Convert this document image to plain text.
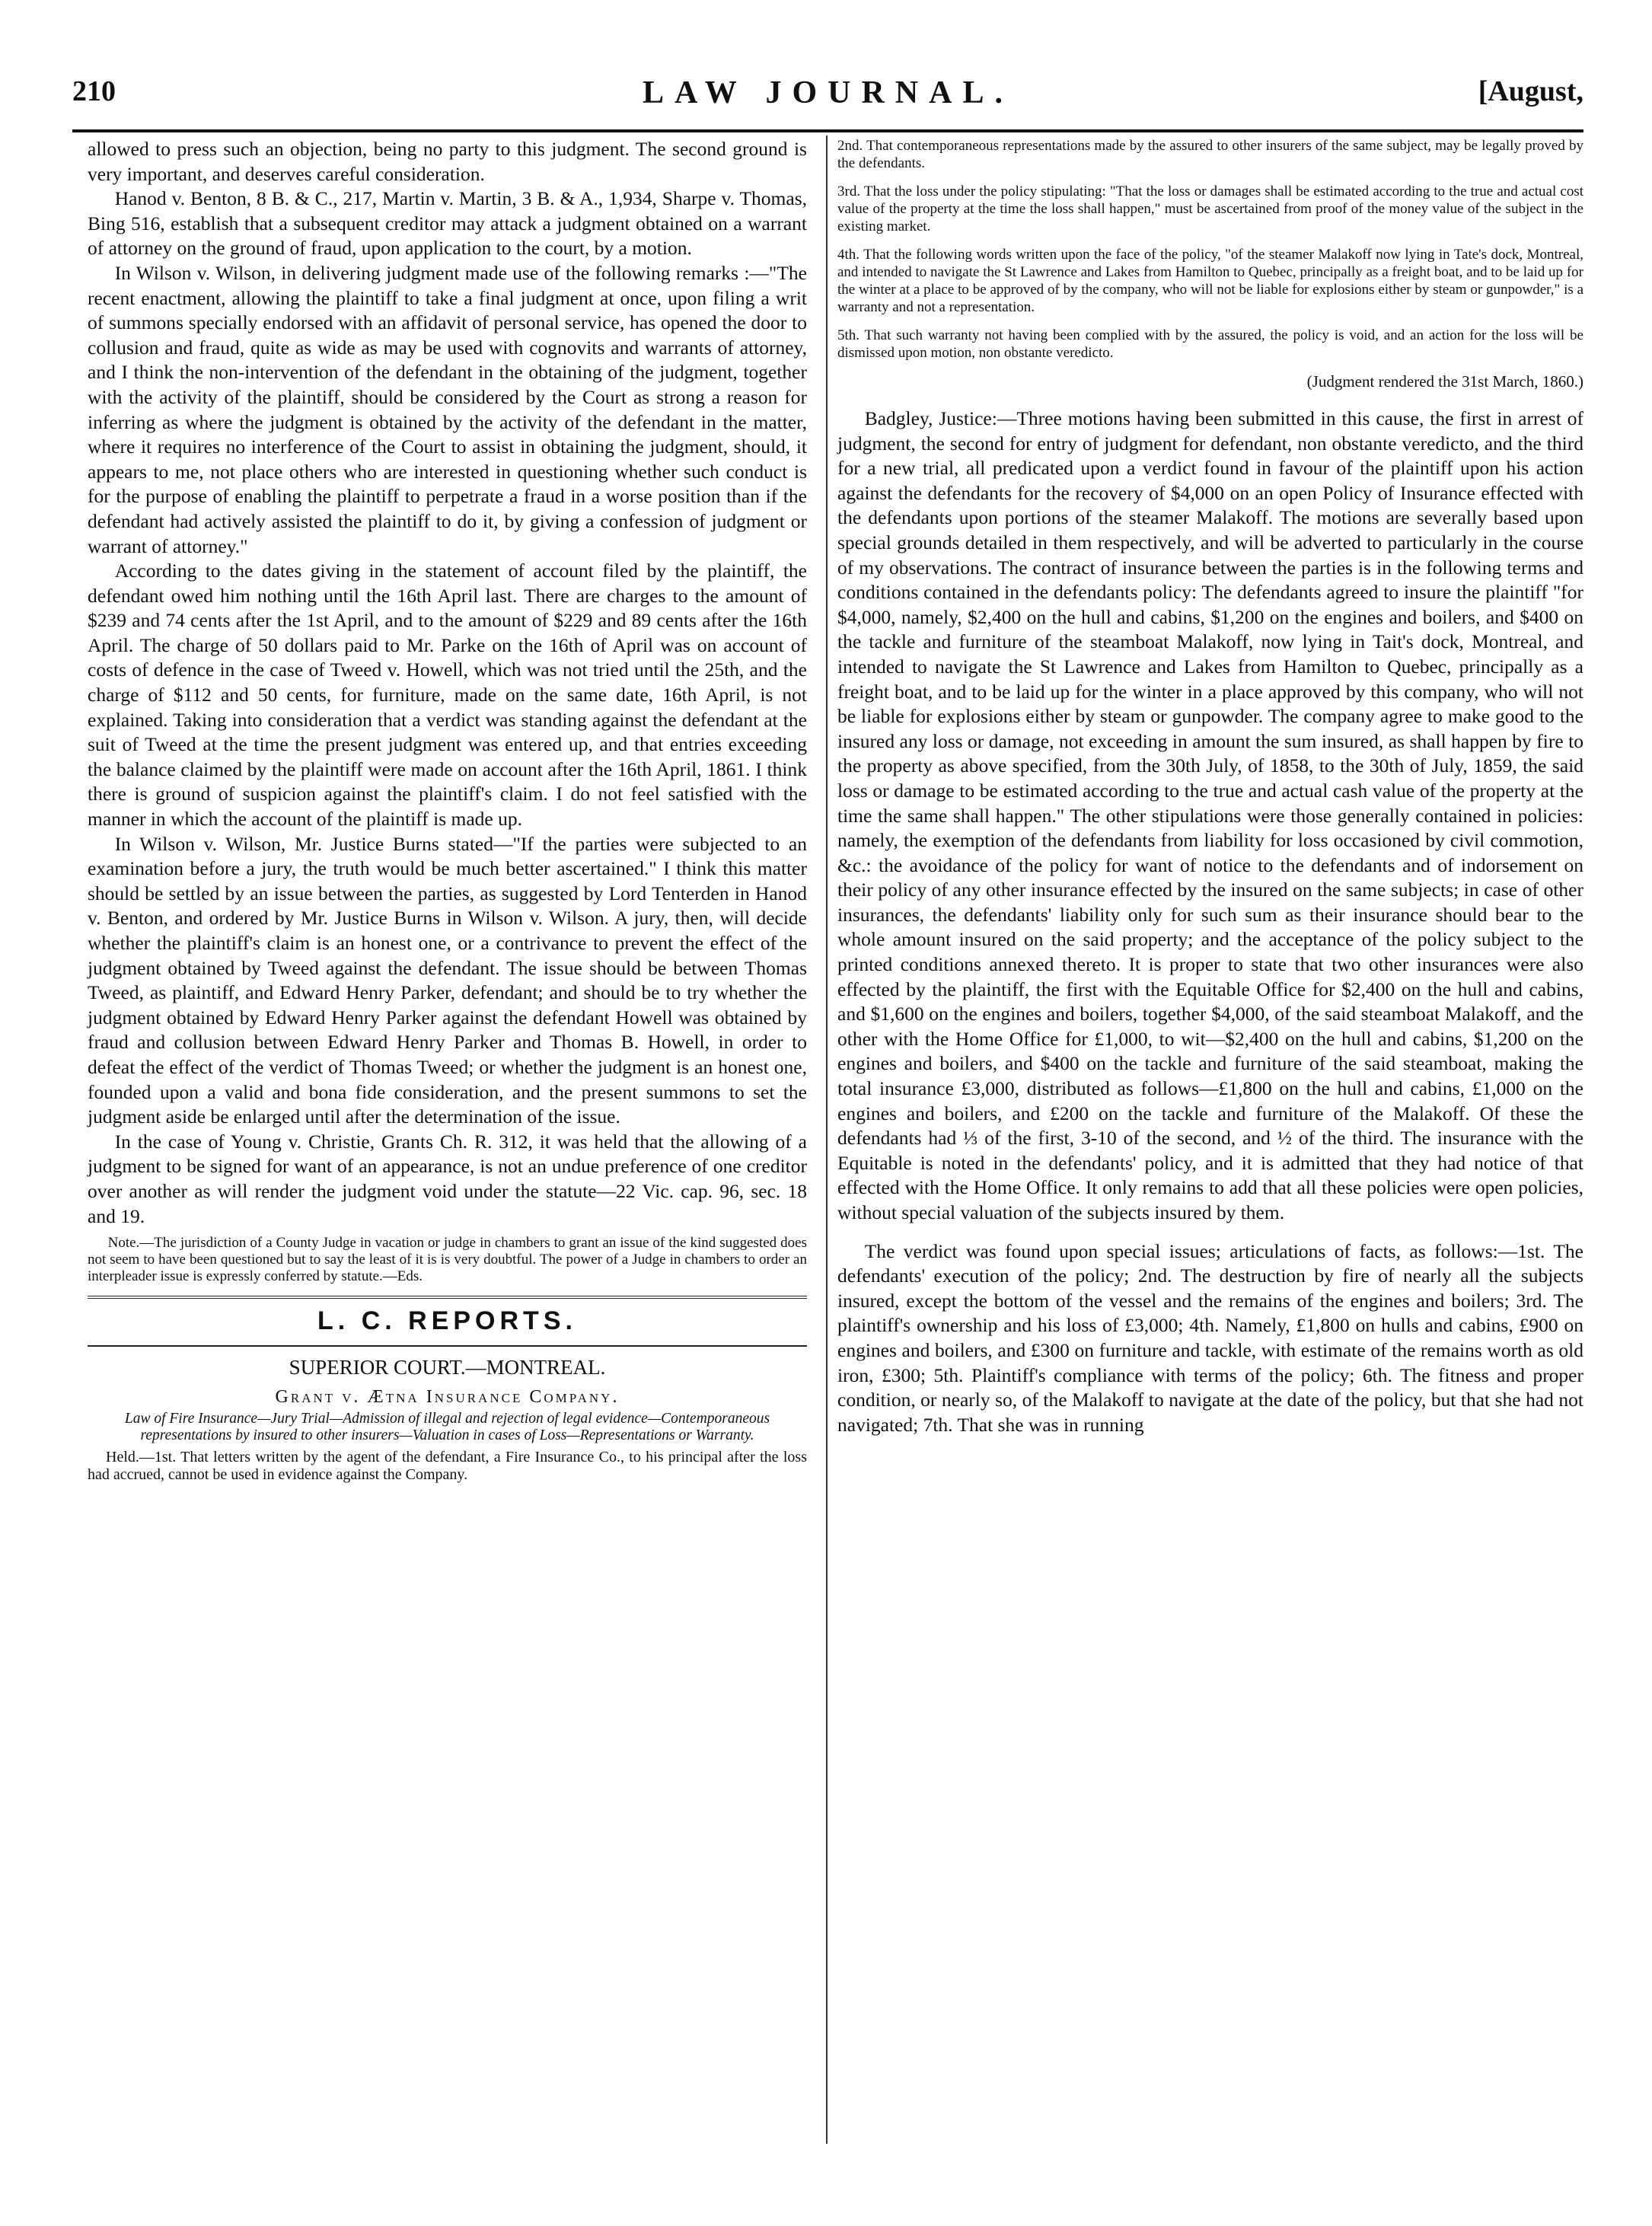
210	LAW JOURNAL.	[August,

allowed to press such an objection, being no party to this judgment. The second ground is very important, and deserves careful consideration.

Hanod v. Benton, 8 B. & C., 217, Martin v. Martin, 3 B. & A., 1,934, Sharpe v. Thomas, Bing 516, establish that a subsequent creditor may attack a judgment obtained on a warrant of attorney on the ground of fraud, upon application to the court, by a motion.

In Wilson v. Wilson, in delivering judgment made use of the following remarks :—"The recent enactment, allowing the plaintiff to take a final judgment at once, upon filing a writ of summons specially endorsed with an affidavit of personal service, has opened the door to collusion and fraud, quite as wide as may be used with cognovits and warrants of attorney, and I think the non-intervention of the defendant in the obtaining of the judgment, together with the activity of the plaintiff, should be considered by the Court as strong a reason for inferring as where the judgment is obtained by the activity of the defendant in the matter, where it requires no interference of the Court to assist in obtaining the judgment, should, it appears to me, not place others who are interested in questioning whether such conduct is for the purpose of enabling the plaintiff to perpetrate a fraud in a worse position than if the defendant had actively assisted the plaintiff to do it, by giving a confession of judgment or warrant of attorney."

According to the dates giving in the statement of account filed by the plaintiff, the defendant owed him nothing until the 16th April last. There are charges to the amount of $239 and 74 cents after the 1st April, and to the amount of $229 and 89 cents after the 16th April. The charge of 50 dollars paid to Mr. Parke on the 16th of April was on account of costs of defence in the case of Tweed v. Howell, which was not tried until the 25th, and the charge of $112 and 50 cents, for furniture, made on the same date, 16th April, is not explained. Taking into consideration that a verdict was standing against the defendant at the suit of Tweed at the time the present judgment was entered up, and that entries exceeding the balance claimed by the plaintiff were made on account after the 16th April, 1861. I think there is ground of suspicion against the plaintiff's claim. I do not feel satisfied with the manner in which the account of the plaintiff is made up.

In Wilson v. Wilson, Mr. Justice Burns stated—"If the parties were subjected to an examination before a jury, the truth would be much better ascertained." I think this matter should be settled by an issue between the parties, as suggested by Lord Tenterden in Hanod v. Benton, and ordered by Mr. Justice Burns in Wilson v. Wilson. A jury, then, will decide whether the plaintiff's claim is an honest one, or a contrivance to prevent the effect of the judgment obtained by Tweed against the defendant. The issue should be between Thomas Tweed, as plaintiff, and Edward Henry Parker, defendant; and should be to try whether the judgment obtained by Edward Henry Parker against the defendant Howell was obtained by fraud and collusion between Edward Henry Parker and Thomas B. Howell, in order to defeat the effect of the verdict of Thomas Tweed; or whether the judgment is an honest one, founded upon a valid and bona fide consideration, and the present summons to set the judgment aside be enlarged until after the determination of the issue.

In the case of Young v. Christie, Grants Ch. R. 312, it was held that the allowing of a judgment to be signed for want of an appearance, is not an undue preference of one creditor over another as will render the judgment void under the statute—22 Vic. cap. 96, sec. 18 and 19.

Note.—The jurisdiction of a County Judge in vacation or judge in chambers to grant an issue of the kind suggested does not seem to have been questioned but to say the least of it is is very doubtful. The power of a Judge in chambers to order an interpleader issue is expressly conferred by statute.—Eds.

L. C. REPORTS.
SUPERIOR COURT.—MONTREAL.
Grant v. Ætna Insurance Company.
Law of Fire Insurance—Jury Trial—Admission of illegal and rejection of legal evidence—Contemporaneous representations by insured to other insurers—Valuation in cases of Loss—Representations or Warranty.

Held.—1st. That letters written by the agent of the defendant, a Fire Insurance Co., to his principal after the loss had accrued, cannot be used in evidence against the Company.

2nd. That contemporaneous representations made by the assured to other insurers of the same subject, may be legally proved by the defendants.

3rd. That the loss under the policy stipulating: "That the loss or damages shall be estimated according to the true and actual cost value of the property at the time the loss shall happen," must be ascertained from proof of the money value of the subject in the existing market.

4th. That the following words written upon the face of the policy, "of the steamer Malakoff now lying in Tate's dock, Montreal, and intended to navigate the St Lawrence and Lakes from Hamilton to Quebec, principally as a freight boat, and to be laid up for the winter at a place to be approved of by the company, who will not be liable for explosions either by steam or gunpowder," is a warranty and not a representation.

5th. That such warranty not having been complied with by the assured, the policy is void, and an action for the loss will be dismissed upon motion, non obstante veredicto.

(Judgment rendered the 31st March, 1860.)

Badgley, Justice:—Three motions having been submitted in this cause, the first in arrest of judgment, the second for entry of judgment for defendant, non obstante veredicto, and the third for a new trial, all predicated upon a verdict found in favour of the plaintiff upon his action against the defendants for the recovery of $4,000 on an open Policy of Insurance effected with the defendants upon portions of the steamer Malakoff. The motions are severally based upon special grounds detailed in them respectively, and will be adverted to particularly in the course of my observations. The contract of insurance between the parties is in the following terms and conditions contained in the defendants policy: The defendants agreed to insure the plaintiff "for $4,000, namely, $2,400 on the hull and cabins, $1,200 on the engines and boilers, and $400 on the tackle and furniture of the steamboat Malakoff, now lying in Tait's dock, Montreal, and intended to navigate the St Lawrence and Lakes from Hamilton to Quebec, principally as a freight boat, and to be laid up for the winter in a place approved by this company, who will not be liable for explosions either by steam or gunpowder. The company agree to make good to the insured any loss or damage, not exceeding in amount the sum insured, as shall happen by fire to the property as above specified, from the 30th July, of 1858, to the 30th of July, 1859, the said loss or damage to be estimated according to the true and actual cash value of the property at the time the same shall happen." The other stipulations were those generally contained in policies: namely, the exemption of the defendants from liability for loss occasioned by civil commotion, &c.: the avoidance of the policy for want of notice to the defendants and of indorsement on their policy of any other insurance effected by the insured on the same subjects; in case of other insurances, the defendants' liability only for such sum as their insurance should bear to the whole amount insured on the said property; and the acceptance of the policy subject to the printed conditions annexed thereto. It is proper to state that two other insurances were also effected by the plaintiff, the first with the Equitable Office for $2,400 on the hull and cabins, and $1,600 on the engines and boilers, together $4,000, of the said steamboat Malakoff, and the other with the Home Office for £1,000, to wit—$2,400 on the hull and cabins, $1,200 on the engines and boilers, and $400 on the tackle and furniture of the said steamboat, making the total insurance £3,000, distributed as follows—£1,800 on the hull and cabins, £1,000 on the engines and boilers, and £200 on the tackle and furniture of the Malakoff. Of these the defendants had ⅓ of the first, 3-10 of the second, and ½ of the third. The insurance with the Equitable is noted in the defendants' policy, and it is admitted that they had notice of that effected with the Home Office. It only remains to add that all these policies were open policies, without special valuation of the subjects insured by them.

The verdict was found upon special issues; articulations of facts, as follows:—1st. The defendants' execution of the policy; 2nd. The destruction by fire of nearly all the subjects insured, except the bottom of the vessel and the remains of the engines and boilers; 3rd. The plaintiff's ownership and his loss of £3,000; 4th. Namely, £1,800 on hulls and cabins, £900 on engines and boilers, and £300 on furniture and tackle, with estimate of the remains worth as old iron, £300; 5th. Plaintiff's compliance with terms of the policy; 6th. The fitness and proper condition, or nearly so, of the Malakoff to navigate at the date of the policy, but that she had not navigated; 7th. That she was in running
